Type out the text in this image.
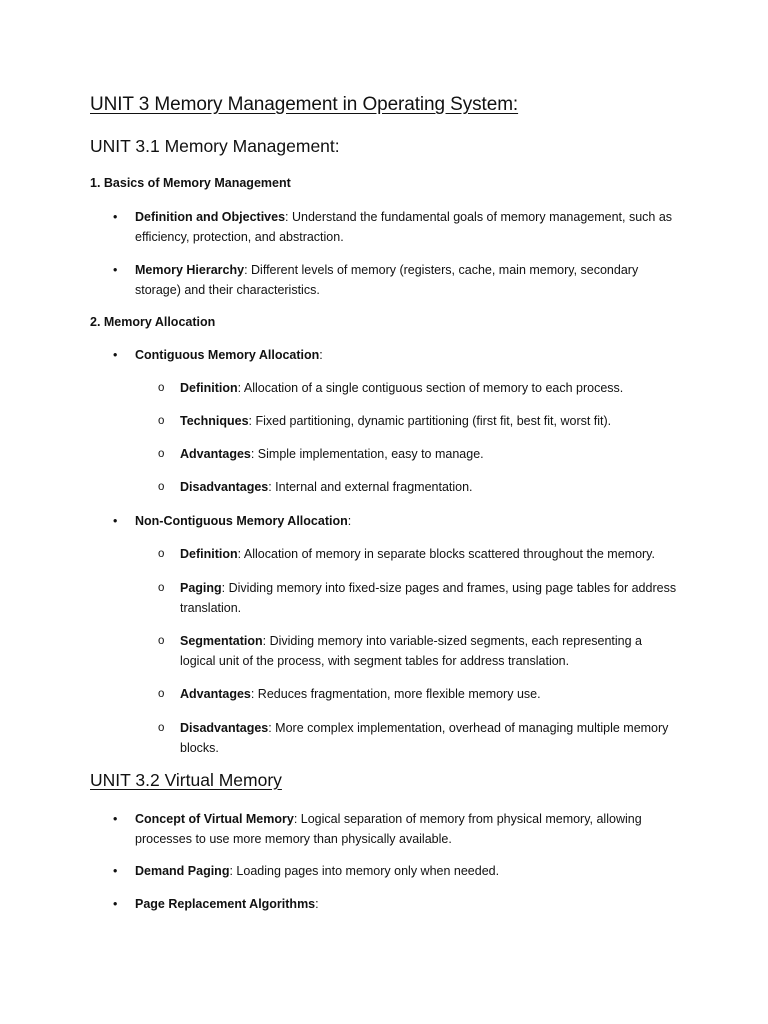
UNIT 3 Memory Management in Operating System:
UNIT 3.1 Memory Management:
1. Basics of Memory Management
• Definition and Objectives: Understand the fundamental goals of memory management, such as efficiency, protection, and abstraction.
• Memory Hierarchy: Different levels of memory (registers, cache, main memory, secondary storage) and their characteristics.
2. Memory Allocation
• Contiguous Memory Allocation:
o Definition: Allocation of a single contiguous section of memory to each process.
o Techniques: Fixed partitioning, dynamic partitioning (first fit, best fit, worst fit).
o Advantages: Simple implementation, easy to manage.
o Disadvantages: Internal and external fragmentation.
• Non-Contiguous Memory Allocation:
o Definition: Allocation of memory in separate blocks scattered throughout the memory.
o Paging: Dividing memory into fixed-size pages and frames, using page tables for address translation.
o Segmentation: Dividing memory into variable-sized segments, each representing a logical unit of the process, with segment tables for address translation.
o Advantages: Reduces fragmentation, more flexible memory use.
o Disadvantages: More complex implementation, overhead of managing multiple memory blocks.
UNIT 3.2 Virtual Memory
• Concept of Virtual Memory: Logical separation of memory from physical memory, allowing processes to use more memory than physically available.
• Demand Paging: Loading pages into memory only when needed.
• Page Replacement Algorithms:
